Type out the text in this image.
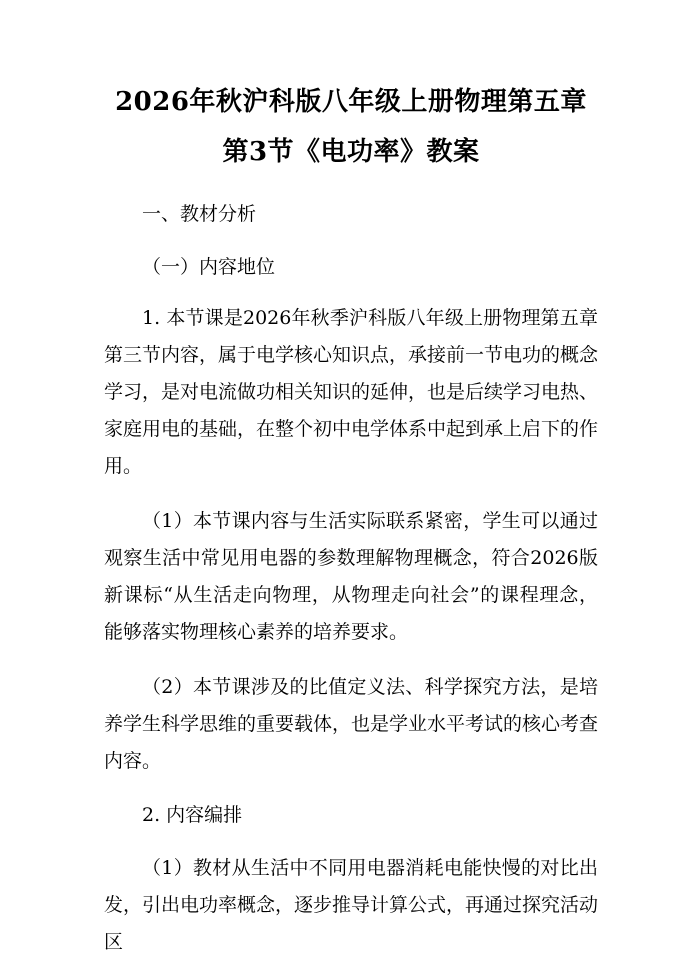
2026年秋沪科版八年级上册物理第五章第3节《电功率》教案

一、教材分析

（一）内容地位

1. 本节课是2026年秋季沪科版八年级上册物理第五章第三节内容，属于电学核心知识点，承接前一节电功的概念学习，是对电流做功相关知识的延伸，也是后续学习电热、家庭用电的基础，在整个初中电学体系中起到承上启下的作用。

（1）本节课内容与生活实际联系紧密，学生可以通过观察生活中常见用电器的参数理解物理概念，符合2026版新课标“从生活走向物理，从物理走向社会”的课程理念，能够落实物理核心素养的培养要求。

（2）本节课涉及的比值定义法、科学探究方法，是培养学生科学思维的重要载体，也是学业水平考试的核心考查内容。

2. 内容编排

（1）教材从生活中不同用电器消耗电能快慢的对比出发，引出电功率概念，逐步推导计算公式，再通过探究活动区
